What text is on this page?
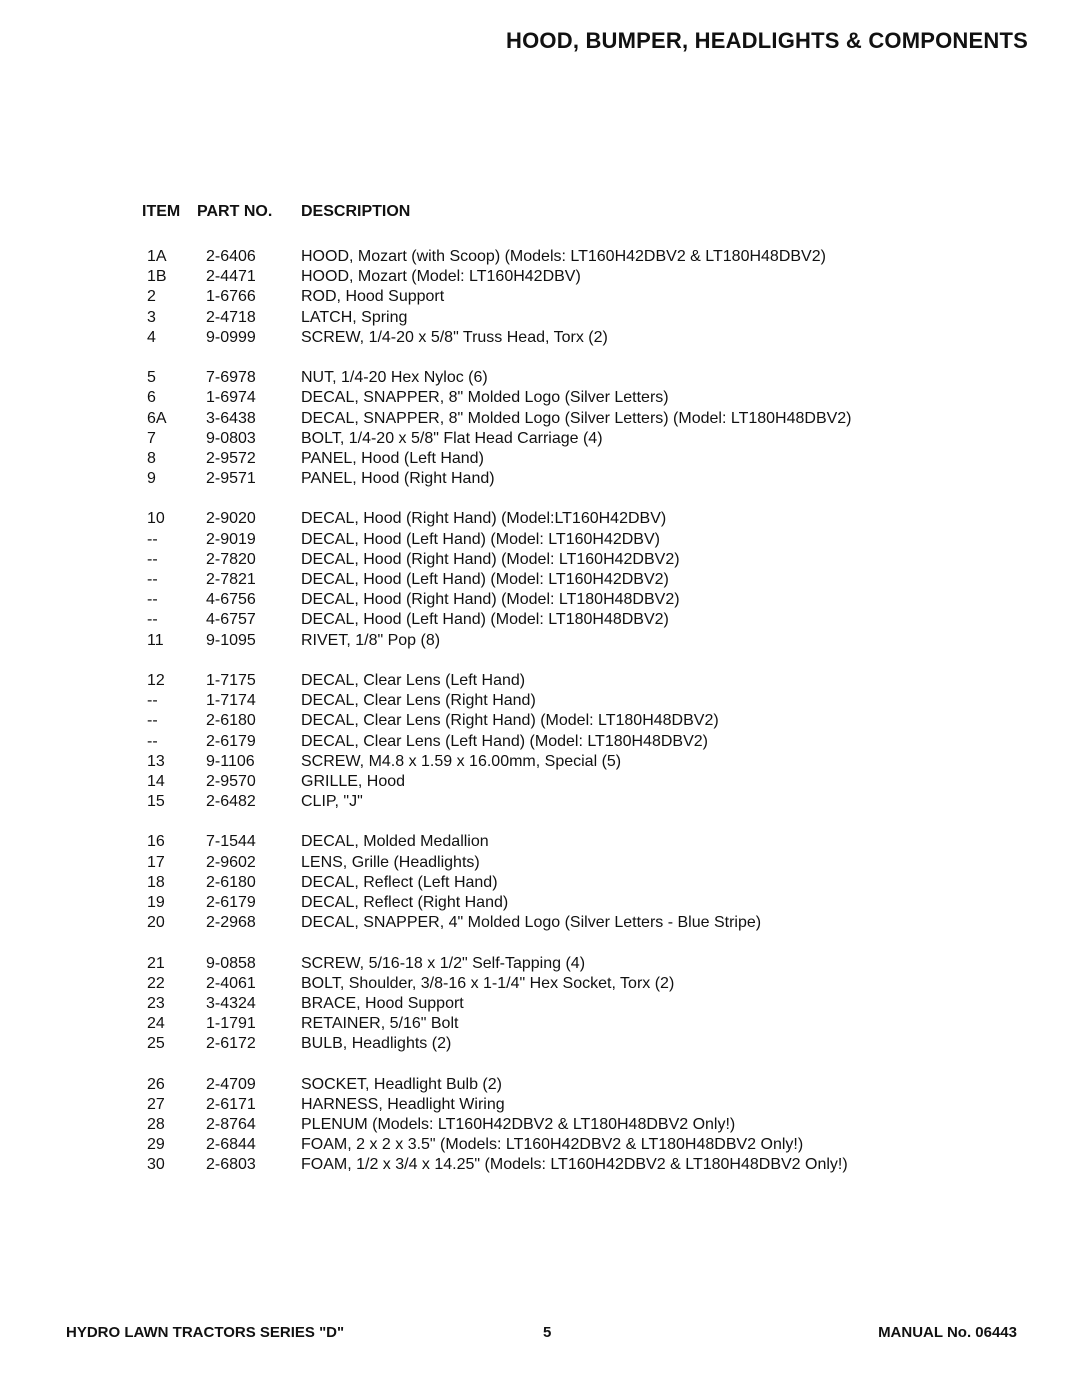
HOOD, BUMPER, HEADLIGHTS & COMPONENTS
ITEM PART NO. DESCRIPTION
1A 2-6406	HOOD, Mozart (with Scoop) (Models: LT160H42DBV2 & LT180H48DBV2)
1B 2-4471	HOOD, Mozart (Model: LT160H42DBV)
2	1-6766	ROD, Hood Support
3	2-4718	LATCH, Spring
4	9-0999	SCREW, 1/4-20 x 5/8" Truss Head, Torx (2)
5	7-6978	NUT, 1/4-20 Hex Nyloc (6)
6	1-6974	DECAL, SNAPPER, 8" Molded Logo (Silver Letters)
6A 3-6438	DECAL, SNAPPER, 8" Molded Logo (Silver Letters) (Model: LT180H48DBV2)
7	9-0803	BOLT, 1/4-20 x 5/8" Flat Head Carriage (4)
8	2-9572	PANEL, Hood (Left Hand)
9	2-9571	PANEL, Hood (Right Hand)
10	2-9020	DECAL, Hood (Right Hand) (Model:LT160H42DBV)
--	2-9019	DECAL, Hood (Left Hand) (Model: LT160H42DBV)
--	2-7820	DECAL, Hood (Right Hand) (Model: LT160H42DBV2)
--	2-7821	DECAL, Hood (Left Hand) (Model: LT160H42DBV2)
--	4-6756	DECAL, Hood (Right Hand) (Model: LT180H48DBV2)
--	4-6757	DECAL, Hood (Left Hand) (Model: LT180H48DBV2)
11	9-1095	RIVET, 1/8" Pop (8)
12	1-7175	DECAL, Clear Lens (Left Hand)
--	1-7174	DECAL, Clear Lens (Right Hand)
--	2-6180	DECAL, Clear Lens (Right Hand) (Model: LT180H48DBV2)
--	2-6179	DECAL, Clear Lens (Left Hand) (Model: LT180H48DBV2)
13	9-1106	SCREW, M4.8 x 1.59 x 16.00mm, Special (5)
14	2-9570	GRILLE, Hood
15	2-6482	CLIP, "J"
16	7-1544	DECAL, Molded Medallion
17	2-9602	LENS, Grille (Headlights)
18	2-6180	DECAL, Reflect (Left Hand)
19	2-6179	DECAL, Reflect (Right Hand)
20	2-2968	DECAL, SNAPPER, 4" Molded Logo (Silver Letters - Blue Stripe)
21	9-0858	SCREW, 5/16-18 x 1/2" Self-Tapping (4)
22	2-4061	BOLT, Shoulder, 3/8-16 x 1-1/4" Hex Socket, Torx (2)
23	3-4324	BRACE, Hood Support
24	1-1791	RETAINER, 5/16" Bolt
25	2-6172	BULB, Headlights (2)
26	2-4709	SOCKET, Headlight Bulb (2)
27	2-6171	HARNESS, Headlight Wiring
28	2-8764	PLENUM (Models: LT160H42DBV2 & LT180H48DBV2 Only!)
29	2-6844	FOAM, 2 x 2 x 3.5" (Models: LT160H42DBV2 & LT180H48DBV2 Only!)
30	2-6803	FOAM, 1/2 x 3/4 x 14.25" (Models: LT160H42DBV2 & LT180H48DBV2 Only!)
HYDRO LAWN TRACTORS SERIES "D"	5	MANUAL No. 06443
